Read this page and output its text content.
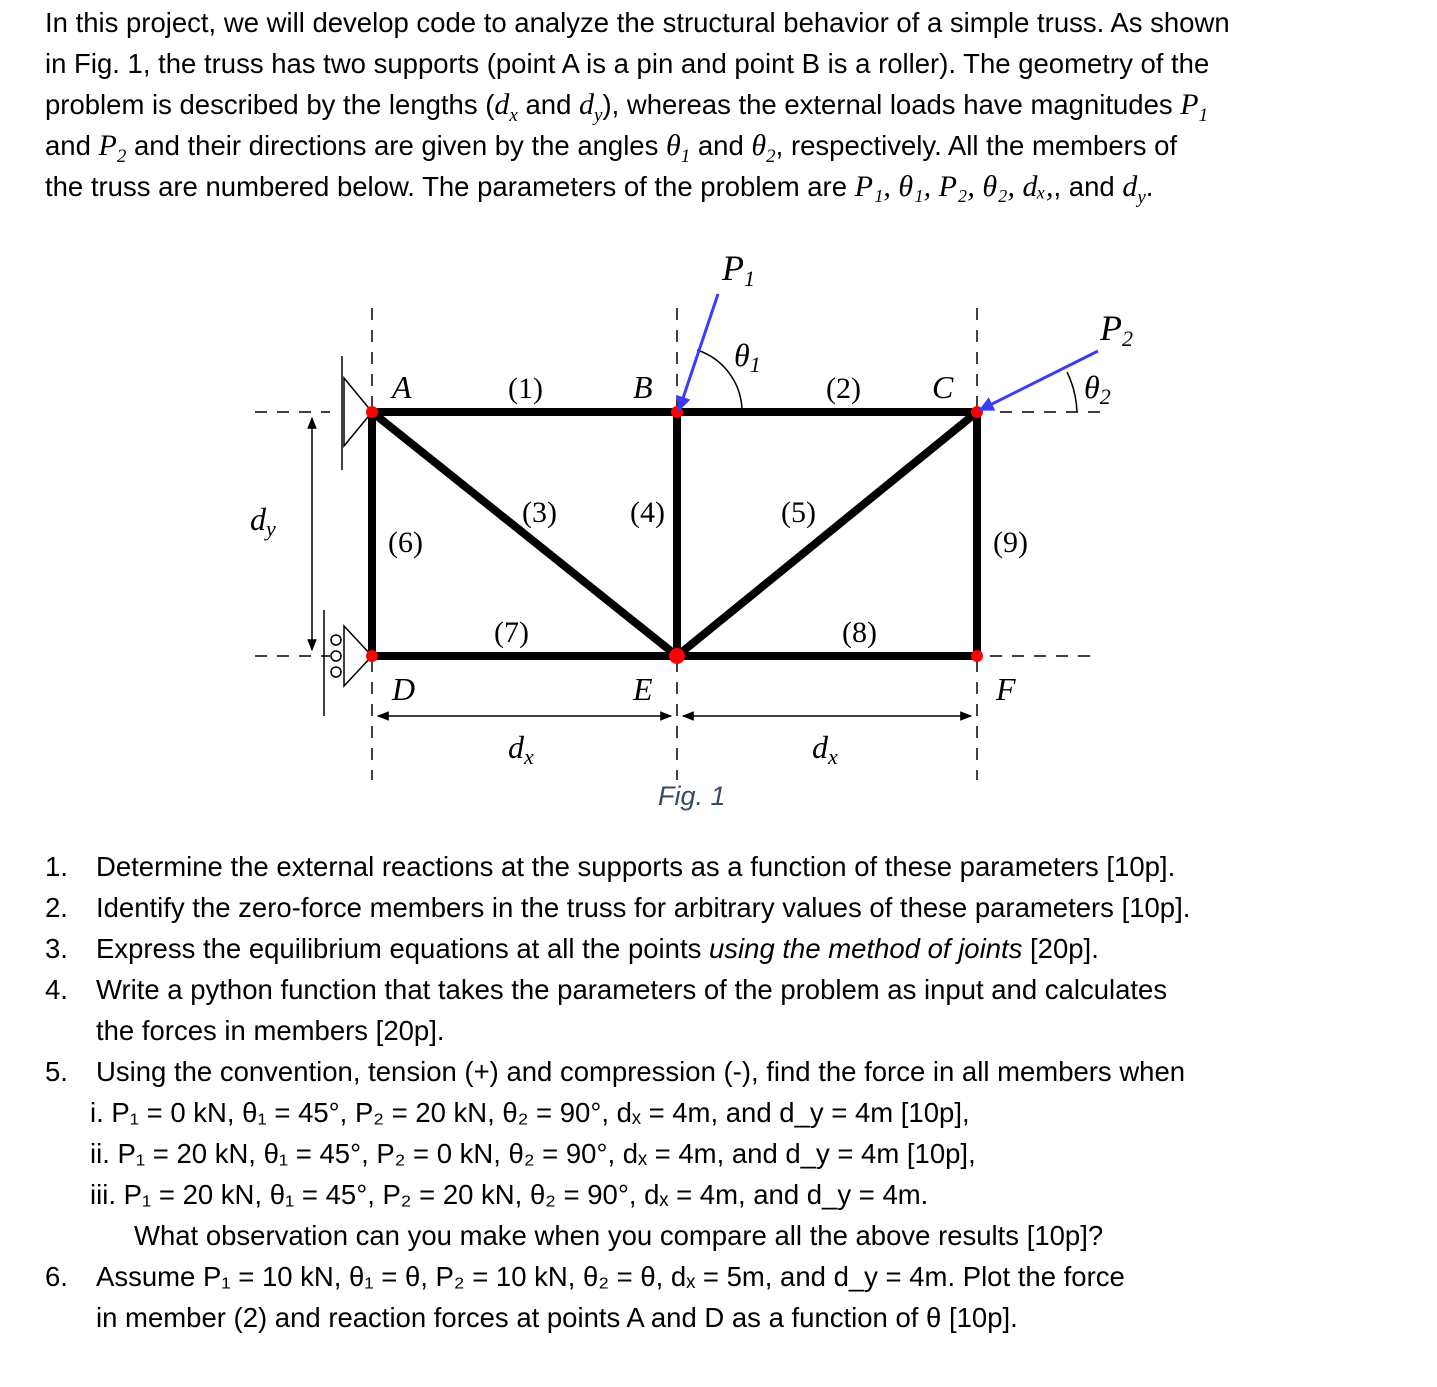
In this project, we will develop code to analyze the structural behavior of a simple truss. As shown
in Fig. 1, the truss has two supports (point A is a pin and point B is a roller). The geometry of the
problem is described by the lengths ($d_x$ and $d_y$), whereas the external loads have magnitudes $P_1$
and $P_2$ and their directions are given by the angles $\theta_1$ and $\theta_2$, respectively. All the members of
the truss are numbered below. The parameters of the problem are P₁, θ₁, P₂, θ₂, dₓ,, and $d_y$.
A	B	C
D	E	F
(1)	(2)
(3) (4)	(5)
(6)
(7)	(8)
(9)
P1
P2
θ1
θ2
dy
dx	dx
Fig. 1
1. Determine the external reactions at the supports as a function of these parameters [10p].
2. Identify the zero-force members in the truss for arbitrary values of these parameters [10p].
3. Express the equilibrium equations at all the points using the method of joints [20p].
4. Write a python function that takes the parameters of the problem as input and calculates
the forces in members [20p].
5. Using the convention, tension (+) and compression (-), find the force in all members when
i. P₁ = 0 kN, θ₁ = 45°, P₂ = 20 kN, θ₂ = 90°, dₓ = 4m, and d_y = 4m [10p],
ii. P₁ = 20 kN, θ₁ = 45°, P₂ = 0 kN, θ₂ = 90°, dₓ = 4m, and d_y = 4m [10p],
iii. P₁ = 20 kN, θ₁ = 45°, P₂ = 20 kN, θ₂ = 90°, dₓ = 4m, and d_y = 4m.
What observation can you make when you compare all the above results [10p]?
6. Assume P₁ = 10 kN, θ₁ = θ, P₂ = 10 kN, θ₂ = θ, dₓ = 5m, and d_y = 4m. Plot the force
in member (2) and reaction forces at points A and D as a function of θ [10p].
